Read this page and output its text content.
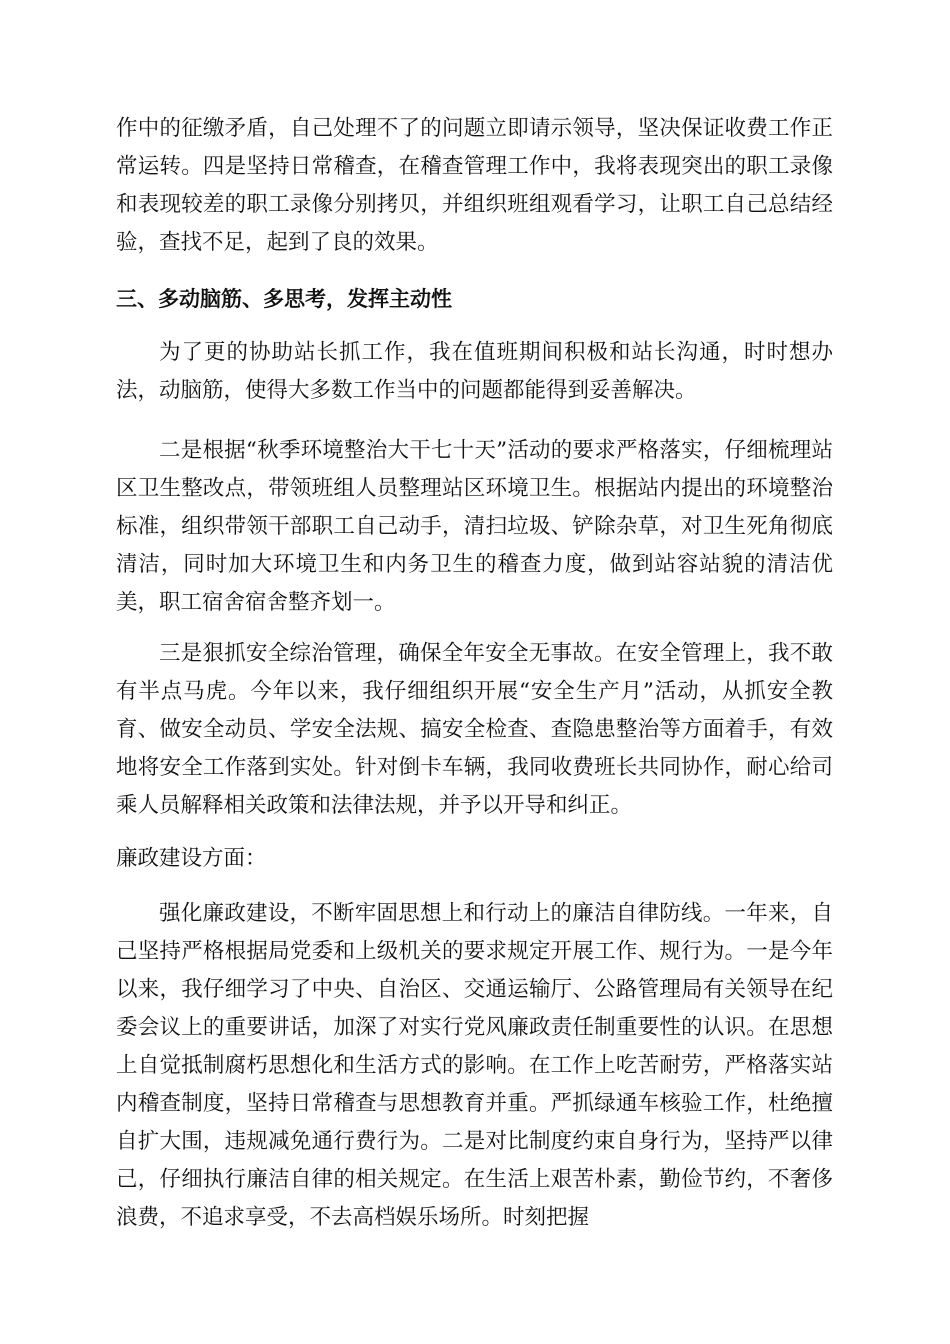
作中的征缴矛盾，自己处理不了的问题立即请示领导，坚决保证收费工作正常运转。四是坚持日常稽查，在稽查管理工作中，我将表现突出的职工录像和表现较差的职工录像分别拷贝，并组织班组观看学习，让职工自己总结经验，查找不足，起到了良的效果。

三、多动脑筋、多思考，发挥主动性

为了更的协助站长抓工作，我在值班期间积极和站长沟通，时时想办法，动脑筋，使得大多数工作当中的问题都能得到妥善解决。

二是根据“秋季环境整治大干七十天”活动的要求严格落实，仔细梳理站区卫生整改点，带领班组人员整理站区环境卫生。根据站内提出的环境整治标准，组织带领干部职工自己动手，清扫垃圾、铲除杂草，对卫生死角彻底清洁，同时加大环境卫生和内务卫生的稽查力度，做到站容站貌的清洁优美，职工宿舍宿舍整齐划一。

三是狠抓安全综治管理，确保全年安全无事故。在安全管理上，我不敢有半点马虎。今年以来，我仔细组织开展“安全生产月”活动，从抓安全教育、做安全动员、学安全法规、搞安全检查、查隐患整治等方面着手，有效地将安全工作落到实处。针对倒卡车辆，我同收费班长共同协作，耐心给司乘人员解释相关政策和法律法规，并予以开导和纠正。

廉政建设方面：

强化廉政建设，不断牢固思想上和行动上的廉洁自律防线。一年来，自己坚持严格根据局党委和上级机关的要求规定开展工作、规行为。一是今年以来，我仔细学习了中央、自治区、交通运输厅、公路管理局有关领导在纪委会议上的重要讲话，加深了对实行党风廉政责任制重要性的认识。在思想上自觉抵制腐朽思想化和生活方式的影响。在工作上吃苦耐劳，严格落实站内稽查制度，坚持日常稽查与思想教育并重。严抓绿通车核验工作，杜绝擅自扩大围，违规减免通行费行为。二是对比制度约束自身行为，坚持严以律己，仔细执行廉洁自律的相关规定。在生活上艰苦朴素，勤俭节约，不奢侈浪费，不追求享受，不去高档娱乐场所。时刻把握
